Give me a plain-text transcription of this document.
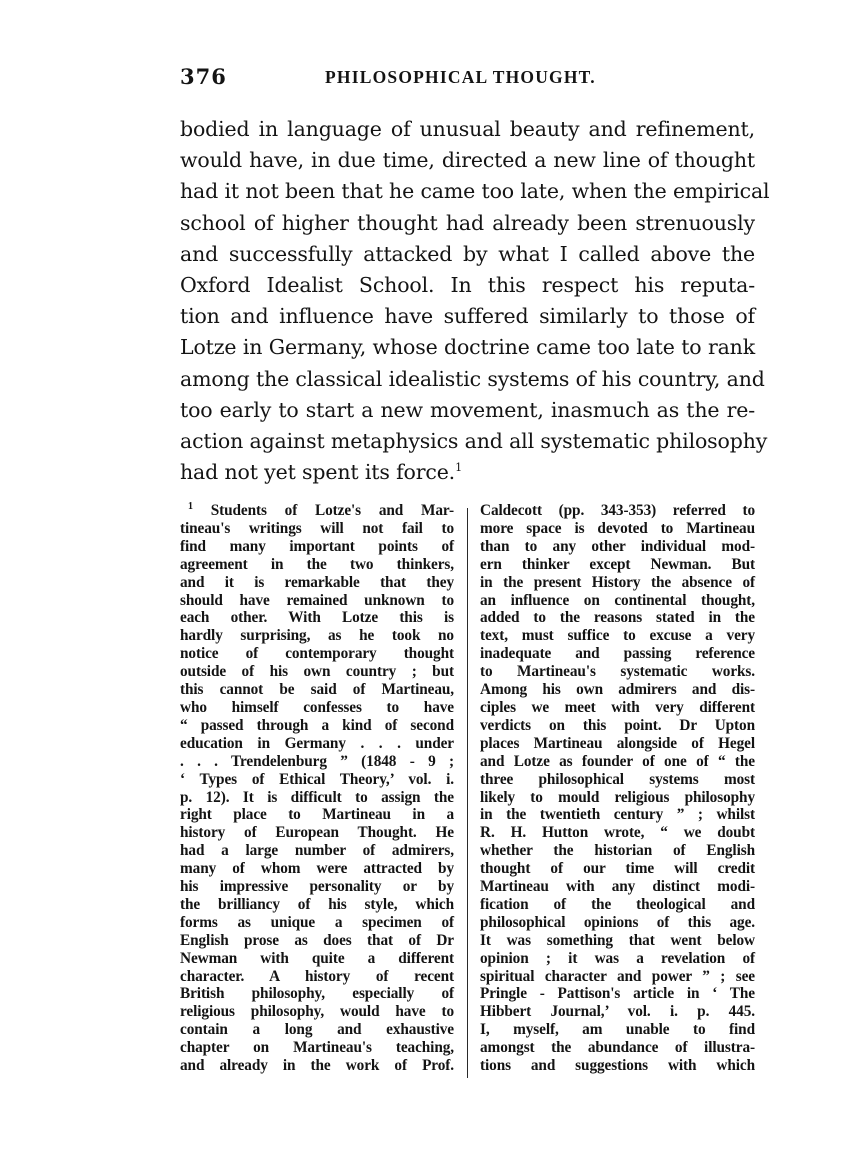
376	PHILOSOPHICAL THOUGHT.
bodied in language of unusual beauty and refinement,
would have, in due time, directed a new line of thought
had it not been that he came too late, when the empirical
school of higher thought had already been strenuously
and successfully attacked by what I called above the
Oxford Idealist School. In this respect his reputa-
tion and influence have suffered similarly to those of
Lotze in Germany, whose doctrine came too late to rank
among the classical idealistic systems of his country, and
too early to start a new movement, inasmuch as the re-
action against metaphysics and all systematic philosophy
had not yet spent its force.$^1$
$^1$ Students of Lotze's and Mar-
tineau's writings will not fail to
find many important points of
agreement in the two thinkers,
and it is remarkable that they
should have remained unknown to
each other. With Lotze this is
hardly surprising, as he took no
notice of contemporary thought
outside of his own country ; but
this cannot be said of Martineau,
who himself confesses to have
“ passed through a kind of second
education in Germany . . . under
. . . Trendelenburg ” (1848 - 9 ;
‘ Types of Ethical Theory,’ vol. i.
p. 12). It is difficult to assign the
right place to Martineau in a
history of European Thought. He
had a large number of admirers,
many of whom were attracted by
his impressive personality or by
the brilliancy of his style, which
forms as unique a specimen of
English prose as does that of Dr
Newman with quite a different
character. A history of recent
British philosophy, especially of
religious philosophy, would have to
contain a long and exhaustive
chapter on Martineau's teaching,
and already in the work of Prof.
Caldecott (pp. 343-353) referred to
more space is devoted to Martineau
than to any other individual mod-
ern thinker except Newman. But
in the present History the absence of
an influence on continental thought,
added to the reasons stated in the
text, must suffice to excuse a very
inadequate and passing reference
to Martineau's systematic works.
Among his own admirers and dis-
ciples we meet with very different
verdicts on this point. Dr Upton
places Martineau alongside of Hegel
and Lotze as founder of one of “ the
three philosophical systems most
likely to mould religious philosophy
in the twentieth century ” ; whilst
R. H. Hutton wrote, “ we doubt
whether the historian of English
thought of our time will credit
Martineau with any distinct modi-
fication of the theological and
philosophical opinions of this age.
It was something that went below
opinion ; it was a revelation of
spiritual character and power ” ; see
Pringle - Pattison's article in ‘ The
Hibbert Journal,’ vol. i. p. 445.
I, myself, am unable to find
amongst the abundance of illustra-
tions and suggestions with which
